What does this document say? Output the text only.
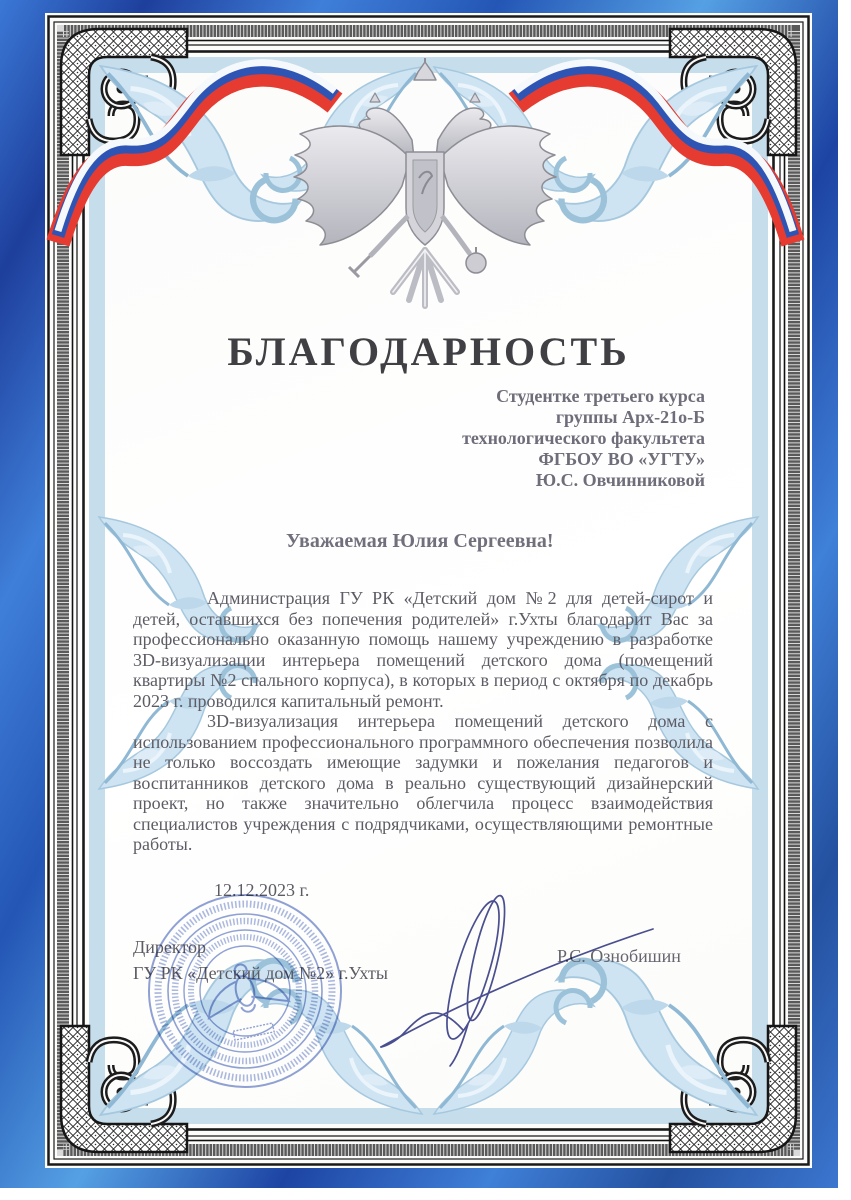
БЛАГОДАРНОСТЬ
Студентке третьего курса
группы Арх-21о-Б
технологического факультета
ФГБОУ ВО «УГТУ»
Ю.С. Овчинниковой
Уважаемая Юлия Сергеевна!

Администрация ГУ РК «Детский дом №2 для детей-сирот и детей, оставшихся без попечения родителей» г.Ухты благодарит Вас за профессионально оказанную помощь нашему учреждению в разработке 3D-визуализации интерьера помещений детского дома (помещений квартиры №2 спального корпуса), в которых в период с октября по декабрь 2023 г. проводился капитальный ремонт.

3D-визуализация интерьера помещений детского дома с использованием профессионального программного обеспечения позволила не только воссоздать имеющие задумки и пожелания педагогов и воспитанников детского дома в реально существующий дизайнерский проект, но также значительно облегчила процесс взаимодействия специалистов учреждения с подрядчиками, осуществляющими ремонтные работы.

12.12.2023 г.
Директор
ГУ РК «Детский дом №2» г.Ухты
Р.С. Ознобишин
